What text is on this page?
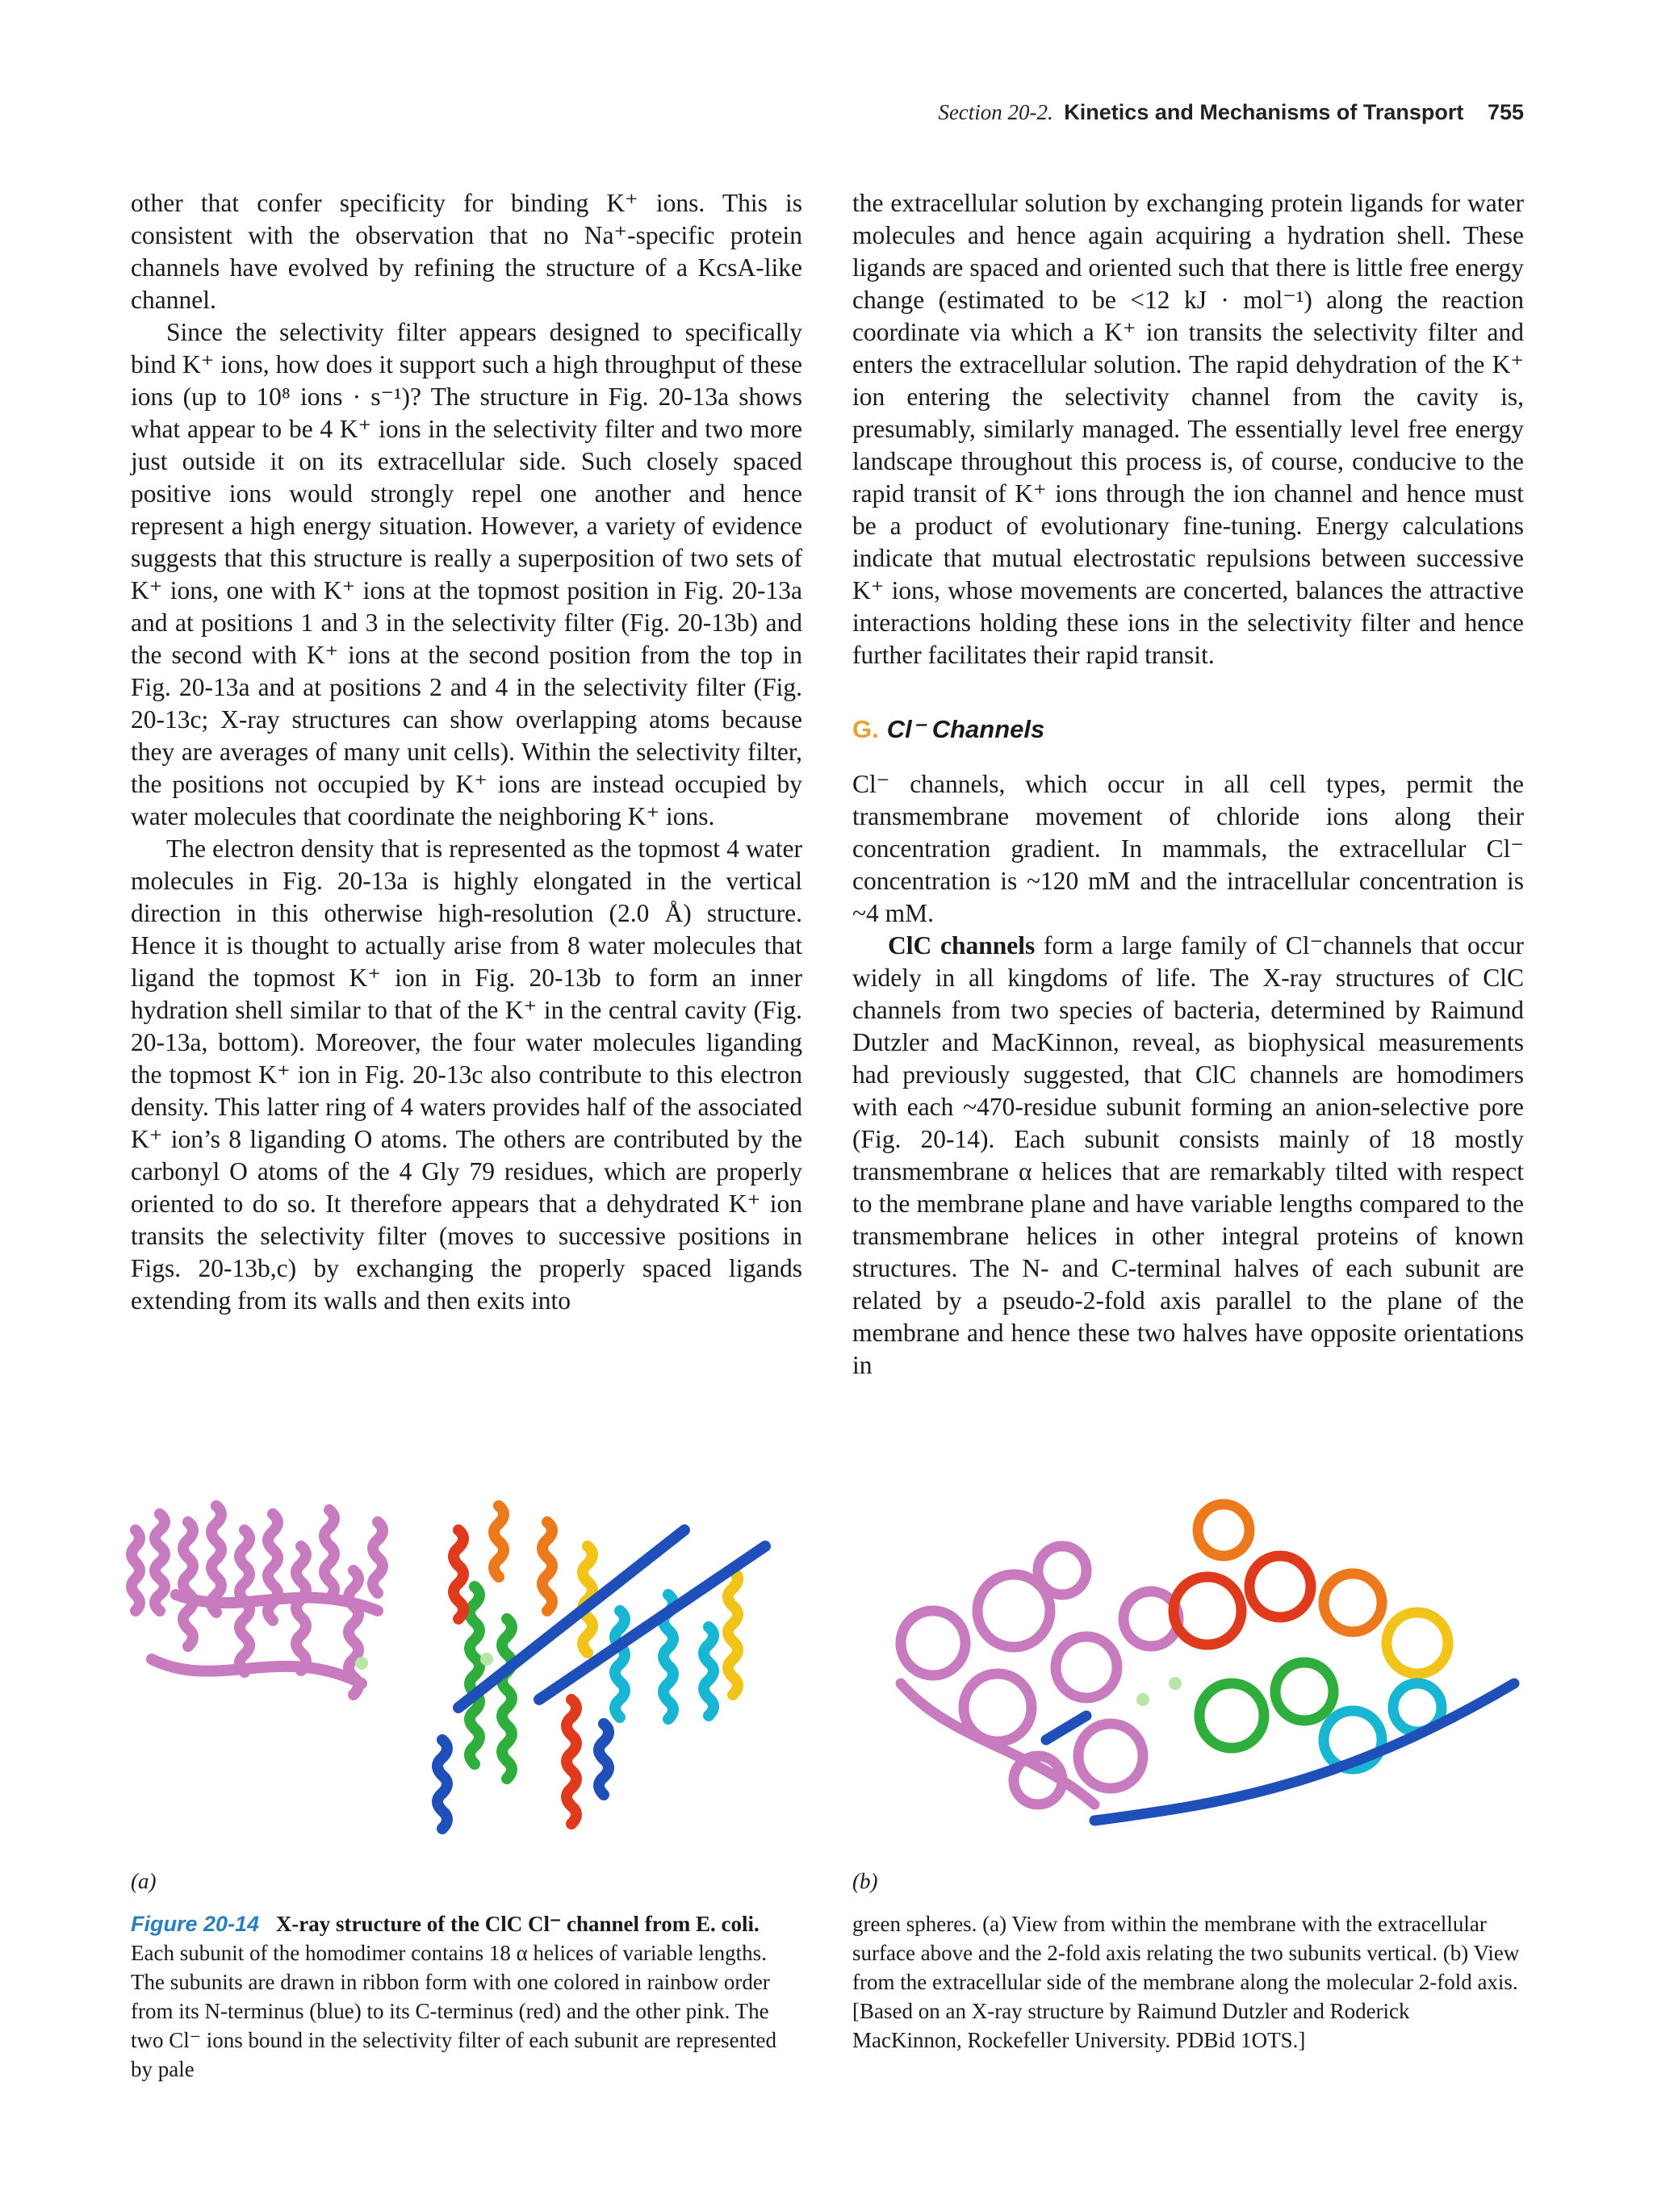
Section 20-2. Kinetics and Mechanisms of Transport 755

other that confer specificity for binding K⁺ ions. This is consistent with the observation that no Na⁺-specific protein channels have evolved by refining the structure of a KcsA-like channel.

Since the selectivity filter appears designed to specifically bind K⁺ ions, how does it support such a high throughput of these ions (up to 10⁸ ions · s⁻¹)? The structure in Fig. 20-13a shows what appear to be 4 K⁺ ions in the selectivity filter and two more just outside it on its extracellular side. Such closely spaced positive ions would strongly repel one another and hence represent a high energy situation. However, a variety of evidence suggests that this structure is really a superposition of two sets of K⁺ ions, one with K⁺ ions at the topmost position in Fig. 20-13a and at positions 1 and 3 in the selectivity filter (Fig. 20-13b) and the second with K⁺ ions at the second position from the top in Fig. 20-13a and at positions 2 and 4 in the selectivity filter (Fig. 20-13c; X-ray structures can show overlapping atoms because they are averages of many unit cells). Within the selectivity filter, the positions not occupied by K⁺ ions are instead occupied by water molecules that coordinate the neighboring K⁺ ions.

The electron density that is represented as the topmost 4 water molecules in Fig. 20-13a is highly elongated in the vertical direction in this otherwise high-resolution (2.0 Å) structure. Hence it is thought to actually arise from 8 water molecules that ligand the topmost K⁺ ion in Fig. 20-13b to form an inner hydration shell similar to that of the K⁺ in the central cavity (Fig. 20-13a, bottom). Moreover, the four water molecules liganding the topmost K⁺ ion in Fig. 20-13c also contribute to this electron density. This latter ring of 4 waters provides half of the associated K⁺ ion’s 8 liganding O atoms. The others are contributed by the carbonyl O atoms of the 4 Gly 79 residues, which are properly oriented to do so. It therefore appears that a dehydrated K⁺ ion transits the selectivity filter (moves to successive positions in Figs. 20-13b,c) by exchanging the properly spaced ligands extending from its walls and then exits into

the extracellular solution by exchanging protein ligands for water molecules and hence again acquiring a hydration shell. These ligands are spaced and oriented such that there is little free energy change (estimated to be <12 kJ · mol⁻¹) along the reaction coordinate via which a K⁺ ion transits the selectivity filter and enters the extracellular solution. The rapid dehydration of the K⁺ ion entering the selectivity channel from the cavity is, presumably, similarly managed. The essentially level free energy landscape throughout this process is, of course, conducive to the rapid transit of K⁺ ions through the ion channel and hence must be a product of evolutionary fine-tuning. Energy calculations indicate that mutual electrostatic repulsions between successive K⁺ ions, whose movements are concerted, balances the attractive interactions holding these ions in the selectivity filter and hence further facilitates their rapid transit.

G. Cl⁻ Channels

Cl⁻ channels, which occur in all cell types, permit the transmembrane movement of chloride ions along their concentration gradient. In mammals, the extracellular Cl⁻ concentration is ~120 mM and the intracellular concentration is ~4 mM.

ClC channels form a large family of Cl⁻channels that occur widely in all kingdoms of life. The X-ray structures of ClC channels from two species of bacteria, determined by Raimund Dutzler and MacKinnon, reveal, as biophysical measurements had previously suggested, that ClC channels are homodimers with each ~470-residue subunit forming an anion-selective pore (Fig. 20-14). Each subunit consists mainly of 18 mostly transmembrane α helices that are remarkably tilted with respect to the membrane plane and have variable lengths compared to the transmembrane helices in other integral proteins of known structures. The N- and C-terminal halves of each subunit are related by a pseudo-2-fold axis parallel to the plane of the membrane and hence these two halves have opposite orientations in

(a)	(b)
Figure 20-14 X-ray structure of the ClC Cl⁻ channel from E. coli. Each subunit of the homodimer contains 18 α helices of variable lengths. The subunits are drawn in ribbon form with one colored in rainbow order from its N-terminus (blue) to its C-terminus (red) and the other pink. The two Cl⁻ ions bound in the selectivity filter of each subunit are represented by pale
green spheres. (a) View from within the membrane with the extracellular surface above and the 2-fold axis relating the two subunits vertical. (b) View from the extracellular side of the membrane along the molecular 2-fold axis. [Based on an X-ray structure by Raimund Dutzler and Roderick MacKinnon, Rockefeller University. PDBid 1OTS.]
